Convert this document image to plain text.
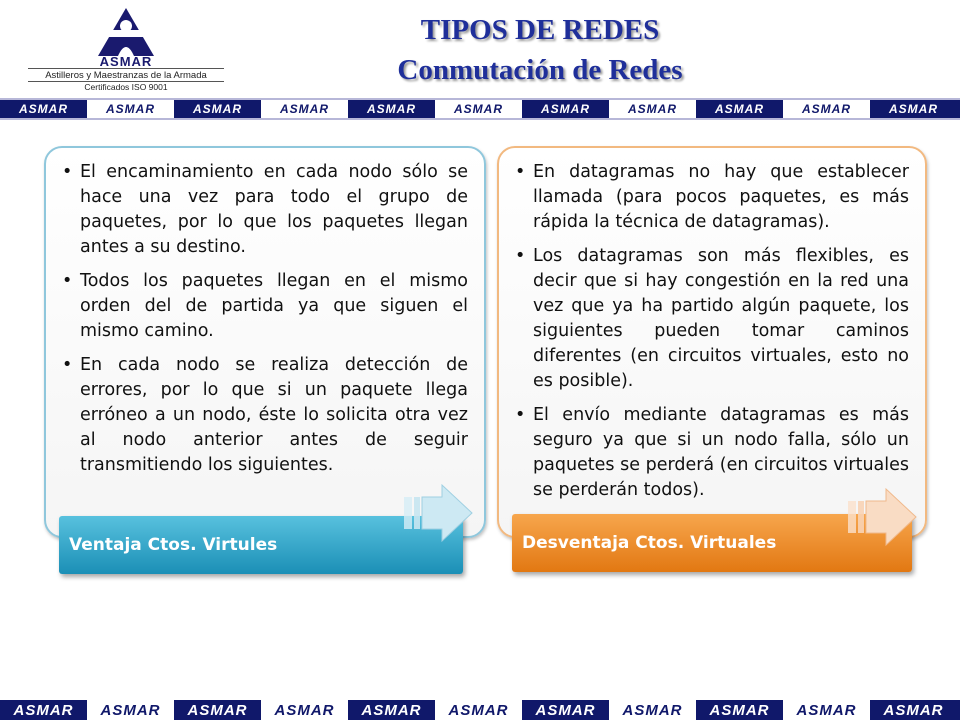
ASMAR
Astilleros y Maestranzas de la Armada
Certificados ISO 9001
TIPOS DE REDES
Conmutación de Redes
ASMAR	ASMAR	ASMAR	ASMAR	ASMAR	ASMAR	ASMAR	ASMAR	ASMAR	ASMAR	ASMAR
• El encaminamiento en cada nodo sólo se hace una vez para todo el grupo de paquetes, por lo que los paquetes llegan antes a su destino.
• Todos los paquetes llegan en el mismo orden del de partida ya que siguen el mismo camino.
• En cada nodo se realiza detección de errores, por lo que si un paquete llega erróneo a un nodo, éste lo solicita otra vez al nodo anterior antes de seguir transmitiendo los siguientes.
• En datagramas no hay que establecer llamada (para pocos paquetes, es más rápida la técnica de datagramas).
• Los datagramas son más flexibles, es decir que si hay congestión en la red una vez que ya ha partido algún paquete, los siguientes pueden tomar caminos diferentes (en circuitos virtuales, esto no es posible).
• El envío mediante datagramas es más seguro ya que si un nodo falla, sólo un paquetes se perderá (en circuitos virtuales se perderán todos).
Ventaja Ctos. Virtules	Desventaja Ctos. Virtuales
ASMAR	ASMAR	ASMAR	ASMAR	ASMAR	ASMAR	ASMAR	ASMAR	ASMAR	ASMAR	ASMAR
